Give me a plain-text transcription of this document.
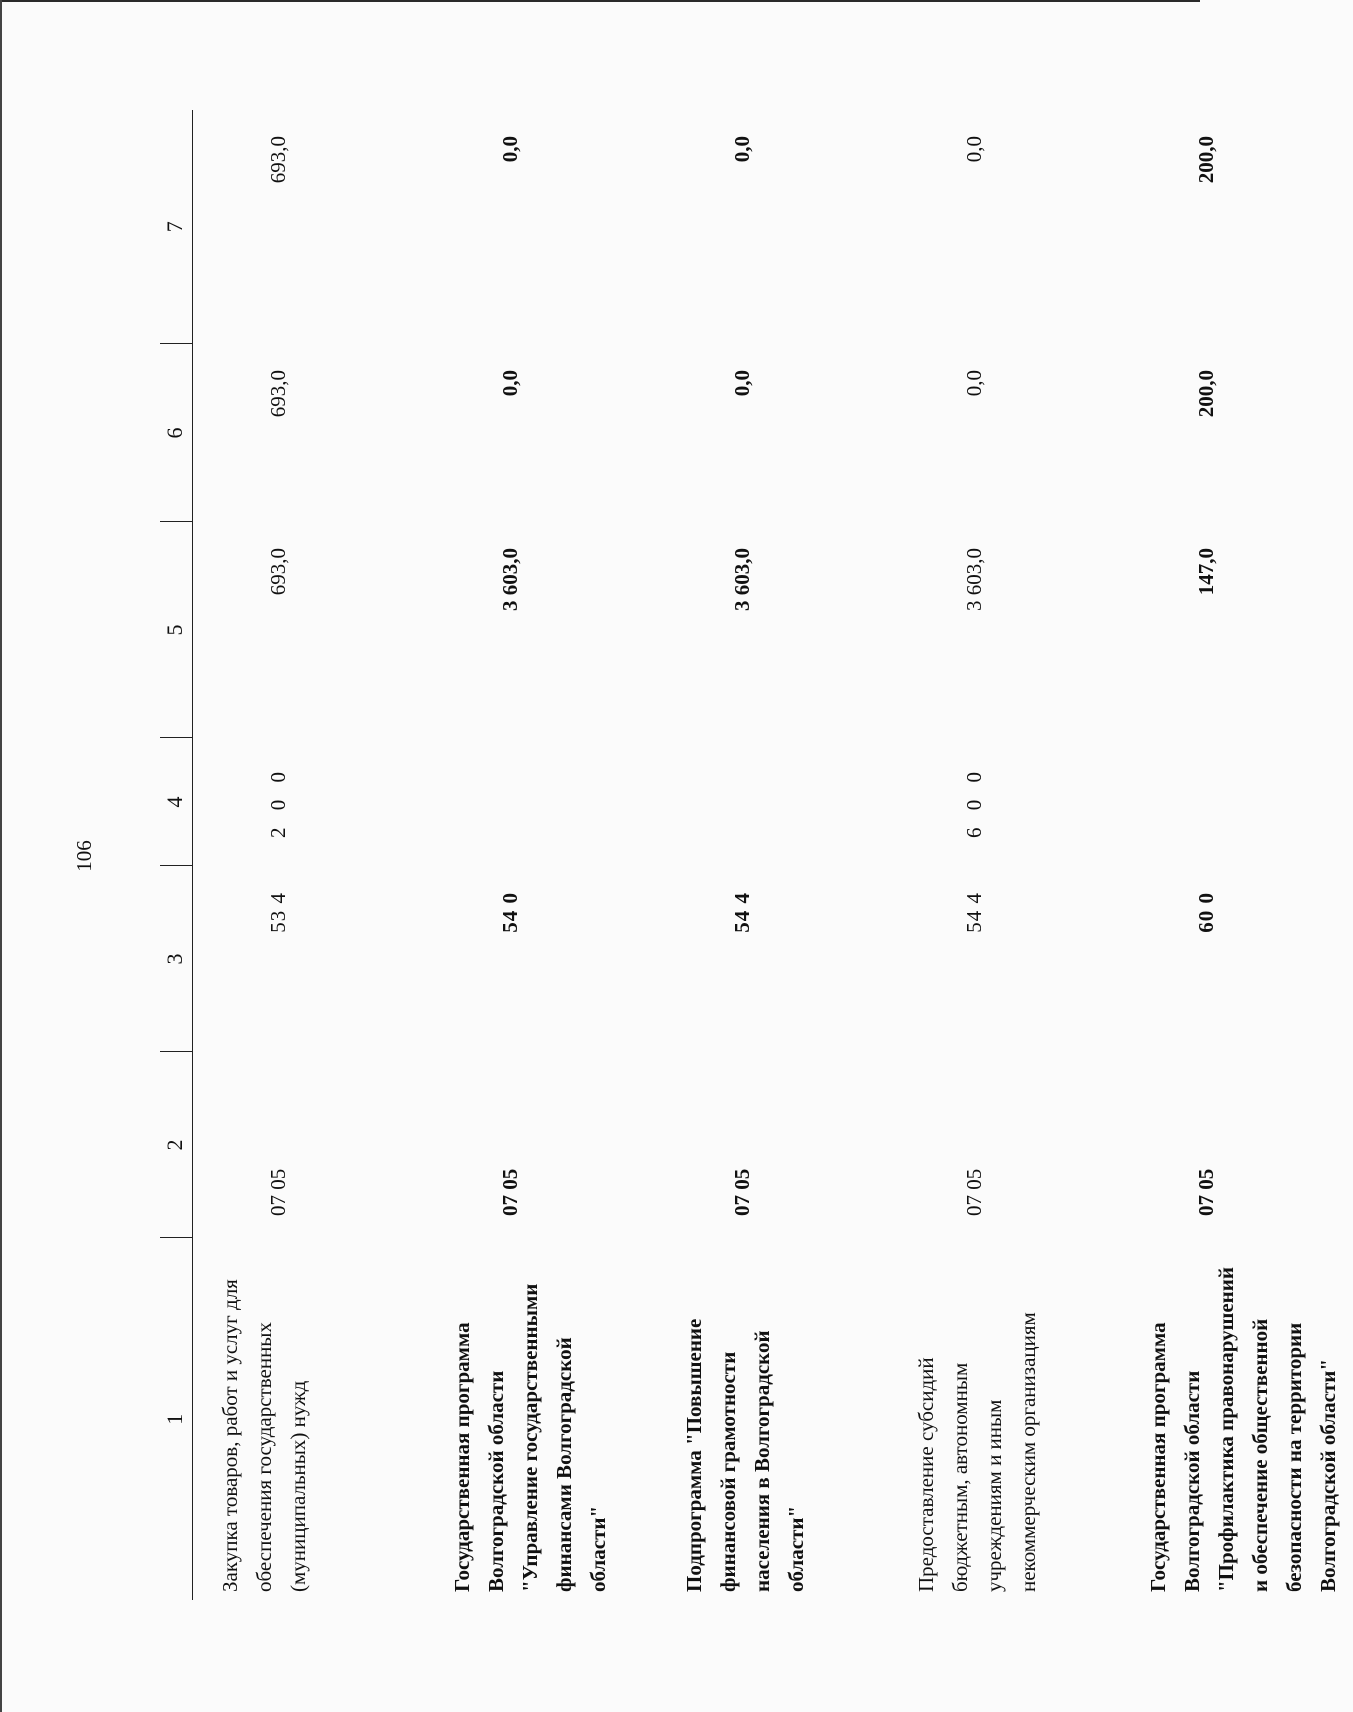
106
1	2	3	4	5	6	7
Закупка товаров, работ и услуг для обеспечения государственных (муниципальных) нужд	07 05	53 4	2 0 0	693,0	693,0	693,0
Государственная программа Волгоградской области "Управление государственными финансами Волгоградской области"	07 05	54 0		3 603,0	0,0	0,0
Подпрограмма "Повышение финансовой грамотности населения в Волгоградской области"	07 05	54 4		3 603,0	0,0	0,0
Предоставление субсидий бюджетным, автономным учреждениям и иным некоммерческим организациям	07 05	54 4	6 0 0	3 603,0	0,0	0,0
Государственная программа Волгоградской области "Профилактика правонарушений и обеспечение общественной безопасности на территории Волгоградской области"	07 05	60 0		147,0	200,0	200,0
